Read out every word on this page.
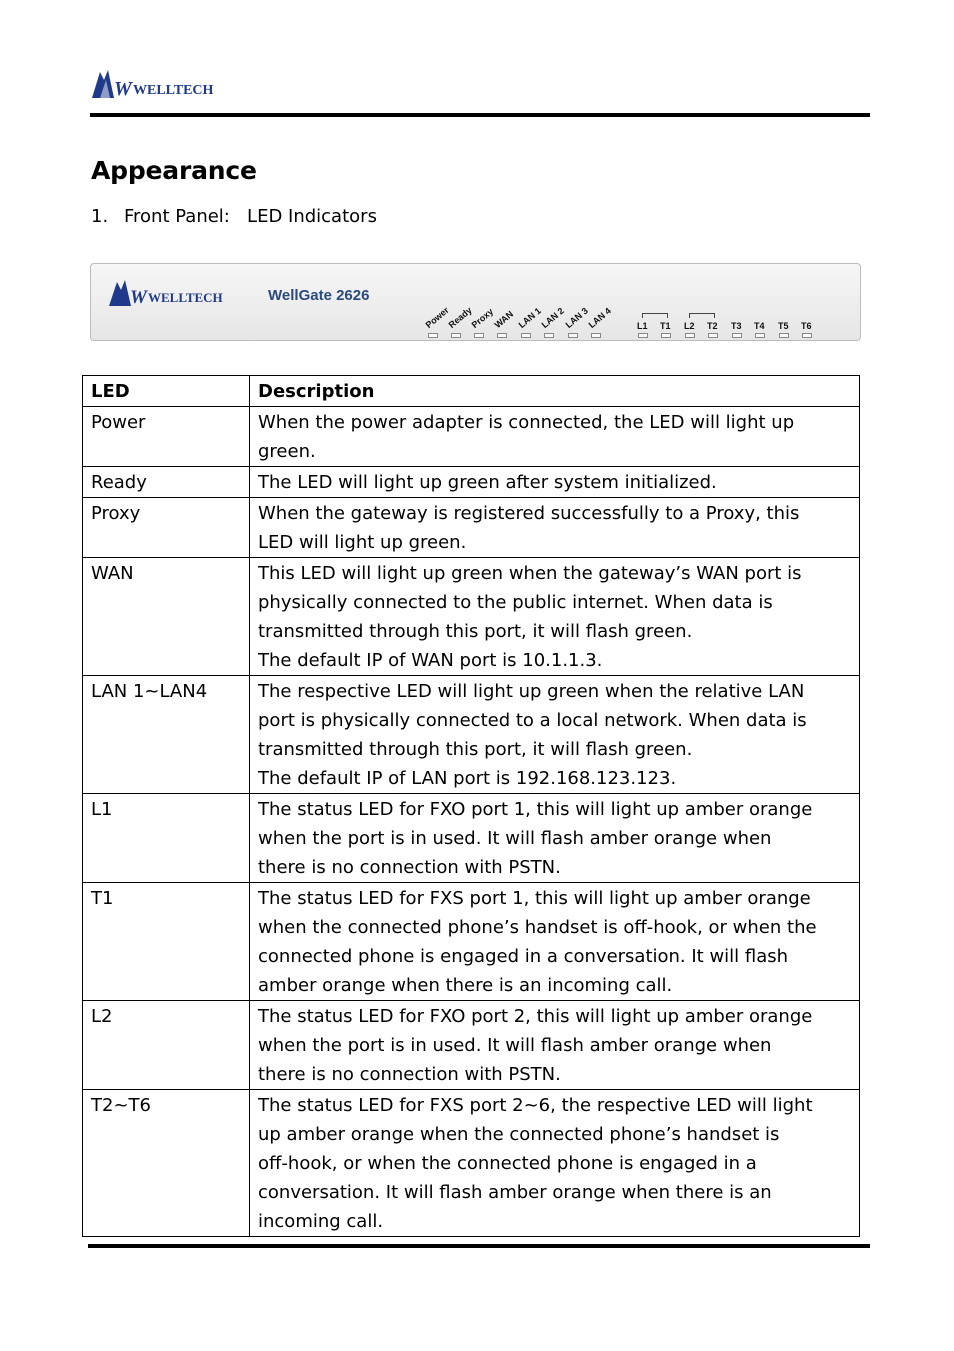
W WELLTECH
Appearance
1. Front Panel:   LED Indicators
W WELLTECH	WellGate 2626
Power
Ready
Proxy
WAN LAN 1
LAN 2
LAN 3
LAN 4	L1 T1 L2 T2 T3 T4 T5 T6
LED	Description
Power	When the power adapter is connected, the LED will light up
green.

Ready	The LED will light up green after system initialized.

Proxy	When the gateway is registered successfully to a Proxy, this
LED will light up green.

WAN	This LED will light up green when the gateway’s WAN port is
physically connected to the public internet. When data is
transmitted through this port, it will flash green.
The default IP of WAN port is 10.1.1.3.

LAN 1~LAN4	The respective LED will light up green when the relative LAN
port is physically connected to a local network. When data is
transmitted through this port, it will flash green.
The default IP of LAN port is 192.168.123.123.

L1	The status LED for FXO port 1, this will light up amber orange
when the port is in used. It will flash amber orange when
there is no connection with PSTN.

T1	The status LED for FXS port 1, this will light up amber orange
when the connected phone’s handset is off-hook, or when the
connected phone is engaged in a conversation. It will flash
amber orange when there is an incoming call.

L2	The status LED for FXO port 2, this will light up amber orange
when the port is in used. It will flash amber orange when
there is no connection with PSTN.

T2~T6	The status LED for FXS port 2~6, the respective LED will light
up amber orange when the connected phone’s handset is
off-hook, or when the connected phone is engaged in a
conversation. It will flash amber orange when there is an
incoming call.
